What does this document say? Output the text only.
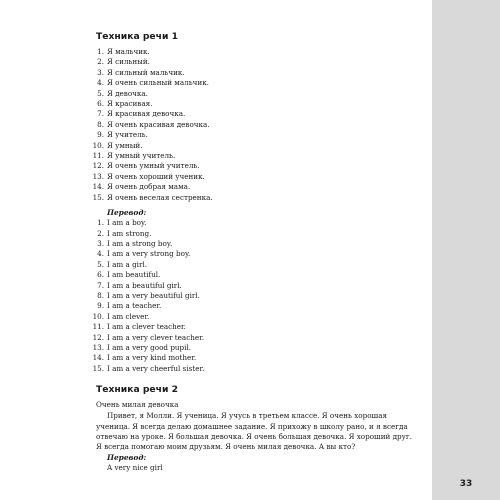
Техника речи 1
1. Я мальчик.
2. Я сильный.
3. Я сильный мальчик.
4. Я очень сильный мальчик.
5. Я девочка.
6. Я красивая.
7. Я красивая девочка.
8. Я очень красивая девочка.
9. Я учитель.
10. Я умный.
11. Я умный учитель.
12. Я очень умный учитель.
13. Я очень хороший ученик.
14. Я очень добрая мама.
15. Я очень веселая сестренка.
Перевод:
1. I am a boy.
2. I am strong.
3. I am a strong boy.
4. I am a very strong boy.
5. I am a girl.
6. I am beautiful.
7. I am a beautiful girl.
8. I am a very beautiful girl.
9. I am a teacher.
10. I am clever.
11. I am a clever teacher.
12. I am a very clever teacher.
13. I am a very good pupil.
14. I am a very kind mother.
15. I am a very cheerful sister.
Техника речи 2
Очень милая девочка
Привет, я Молли. Я ученица. Я учусь в третьем классе. Я очень хорошая ученица. Я всегда делаю домашнее задание. Я прихожу в школу рано, и я всегда отвечаю на уроке. Я большая девочка. Я очень большая девочка. Я хороший друг. Я всегда помогаю моим друзьям. Я очень милая девочка. А вы кто?
Перевод:
A very nice girl
33
